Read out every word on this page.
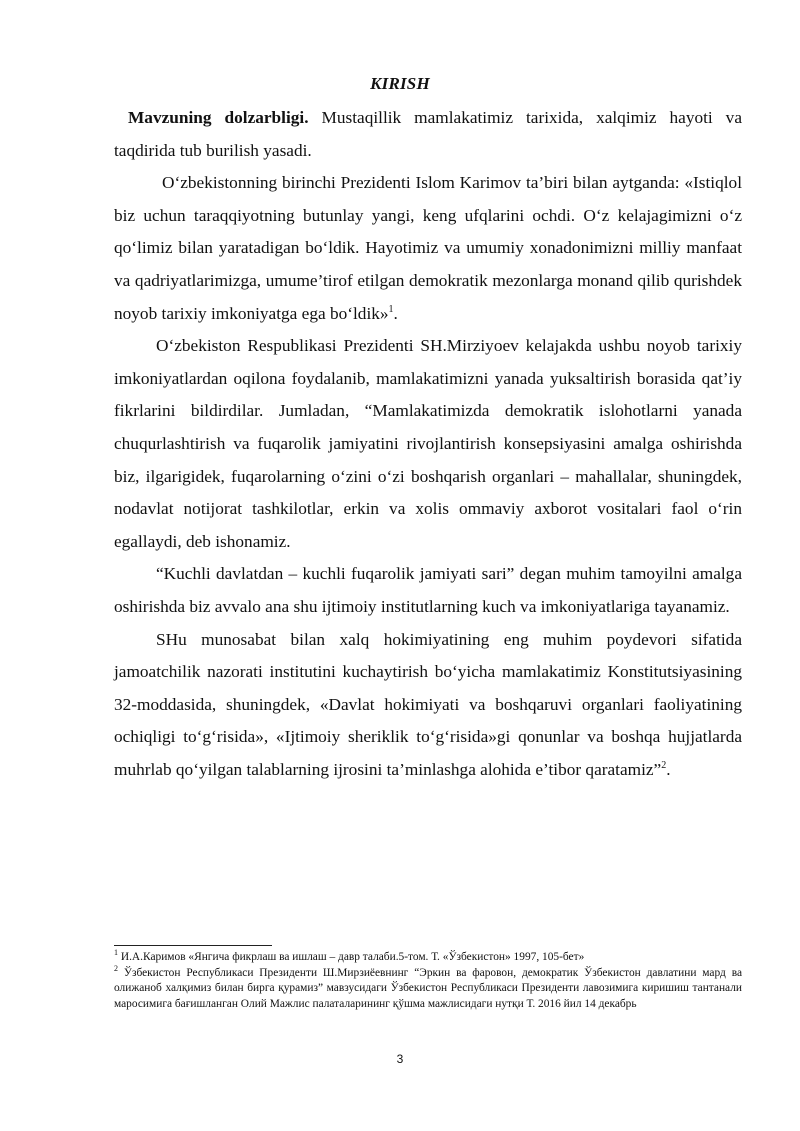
KIRISH

Mavzuning dolzarbligi. Mustaqillik mamlakatimiz tarixida, xalqimiz hayoti va taqdirida tub burilish yasadi.

O‘zbekistonning birinchi Prezidenti Islom Karimov ta’biri bilan aytganda: «Istiqlol biz uchun taraqqiyotning butunlay yangi, keng ufqlarini ochdi. O‘z kelajagimizni o‘z qo‘limiz bilan yaratadigan bo‘ldik. Hayotimiz va umumiy xonadonimizni milliy manfaat va qadriyatlarimizga, umume’tirof etilgan demokratik mezonlarga monand qilib qurishdek noyob tarixiy imkoniyatga ega bo‘ldik»$^1$.

O‘zbekiston Respublikasi Prezidenti SH.Mirziyoev kelajakda ushbu noyob tarixiy imkoniyatlardan oqilona foydalanib, mamlakatimizni yanada yuksaltirish borasida qat’iy fikrlarini bildirdilar. Jumladan, “Mamlakatimizda demokratik islohotlarni yanada chuqurlashtirish va fuqarolik jamiyatini rivojlantirish konsepsiyasini amalga oshirishda biz, ilgarigidek, fuqarolarning o‘zini o‘zi boshqarish organlari – mahallalar, shuningdek, nodavlat notijorat tashkilotlar, erkin va xolis ommaviy axborot vositalari faol o‘rin egallaydi, deb ishonamiz.

“Kuchli davlatdan – kuchli fuqarolik jamiyati sari” degan muhim tamoyilni amalga oshirishda biz avvalo ana shu ijtimoiy institutlarning kuch va imkoniyatlariga tayanamiz.

SHu munosabat bilan xalq hokimiyatining eng muhim poydevori sifatida jamoatchilik nazorati institutini kuchaytirish bo‘yicha mamlakatimiz Konstitutsiyasining 32-moddasida, shuningdek, «Davlat hokimiyati va boshqaruvi organlari faoliyatining ochiqligi to‘g‘risida», «Ijtimoiy sheriklik to‘g‘risida»gi qonunlar va boshqa hujjatlarda muhrlab qo‘yilgan talablarning ijrosini ta’minlashga alohida e’tibor qaratamiz”$^2$.

$^1$ И.А.Каримов «Янгича фикрлаш ва ишлаш – давр талаби.5-том. Т. «Ўзбекистон» 1997, 105-бет»

$^2$ Ўзбекистон Республикаси Президенти Ш.Мирзиёевнинг “Эркин ва фаровон, демократик Ўзбекистон давлатини мард ва олижаноб халқимиз билан бирга қурамиз” мавзусидаги Ўзбекистон Республикаси Президенти лавозимига киришиш тантанали маросимига бағишланган Олий Мажлис палаталарининг қўшма мажлисидаги нутқи Т. 2016 йил 14 декабрь

3
